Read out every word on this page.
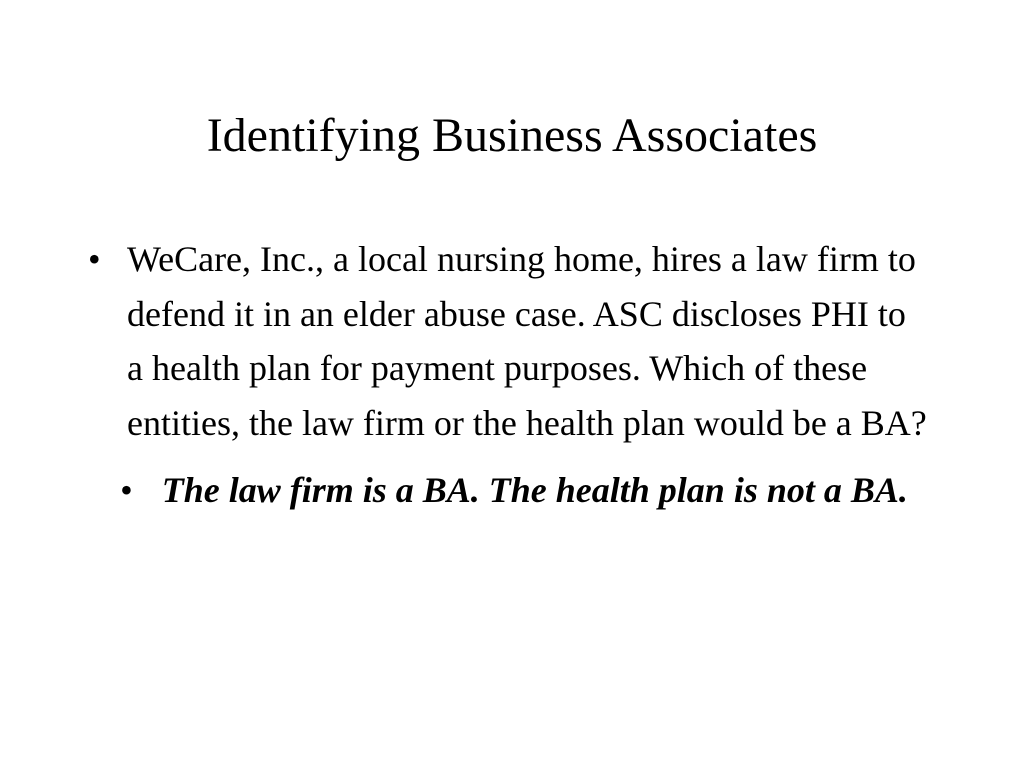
Identifying Business Associates
• WeCare, Inc., a local nursing home, hires a law firm to defend it in an elder abuse case. ASC discloses PHI to a health plan for payment purposes. Which of these entities, the law firm or the health plan would be a BA?
• The law firm is a BA. The health plan is not a BA.
